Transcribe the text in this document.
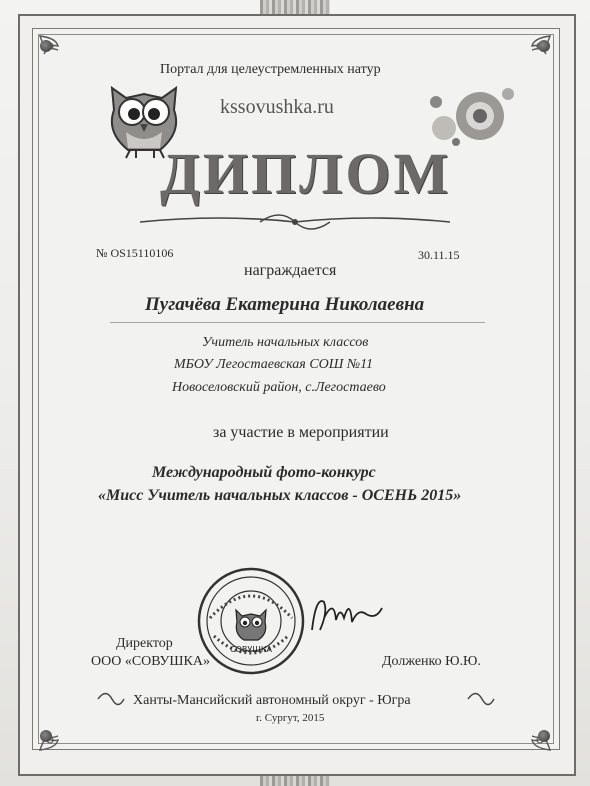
Портал для целеустремленных натур
kssovushka.ru
ДИПЛОМ
№ OS15110106	30.11.15
награждается
Пугачёва Екатерина Николаевна
Учитель начальных классов
МБОУ Легостаевская СОШ №11
Новоселовский район, с.Легостаево
за участие в мероприятии
Международный фото-конкурс
«Мисс Учитель начальных классов - ОСЕНЬ 2015»
СОВУШКА
Директор
ООО «СОВУШКА»	Долженко Ю.Ю.
Ханты-Мансийский автономный округ - Югра
г. Сургут, 2015
